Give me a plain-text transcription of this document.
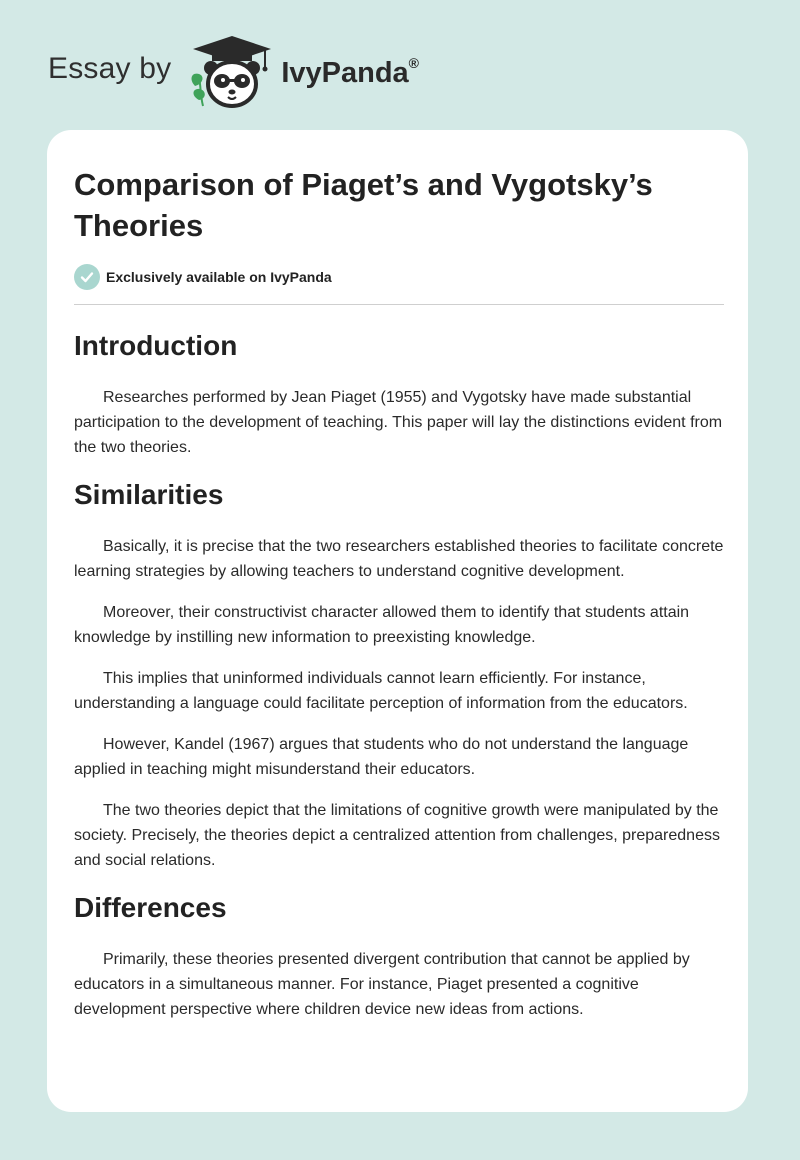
Essay by	IvyPanda®
Comparison of Piaget’s and Vygotsky’s Theories
Exclusively available on IvyPanda
Introduction

Researches performed by Jean Piaget (1955) and Vygotsky have made substantial participation to the development of teaching. This paper will lay the distinctions evident from the two theories.

Similarities

Basically, it is precise that the two researchers established theories to facilitate concrete learning strategies by allowing teachers to understand cognitive development.

Moreover, their constructivist character allowed them to identify that students attain knowledge by instilling new information to preexisting knowledge.

This implies that uninformed individuals cannot learn efficiently. For instance, understanding a language could facilitate perception of information from the educators.

However, Kandel (1967) argues that students who do not understand the language applied in teaching might misunderstand their educators.

The two theories depict that the limitations of cognitive growth were manipulated by the society. Precisely, the theories depict a centralized attention from challenges, preparedness and social relations.

Differences

Primarily, these theories presented divergent contribution that cannot be applied by educators in a simultaneous manner. For instance, Piaget presented a cognitive development perspective where children device new ideas from actions.
